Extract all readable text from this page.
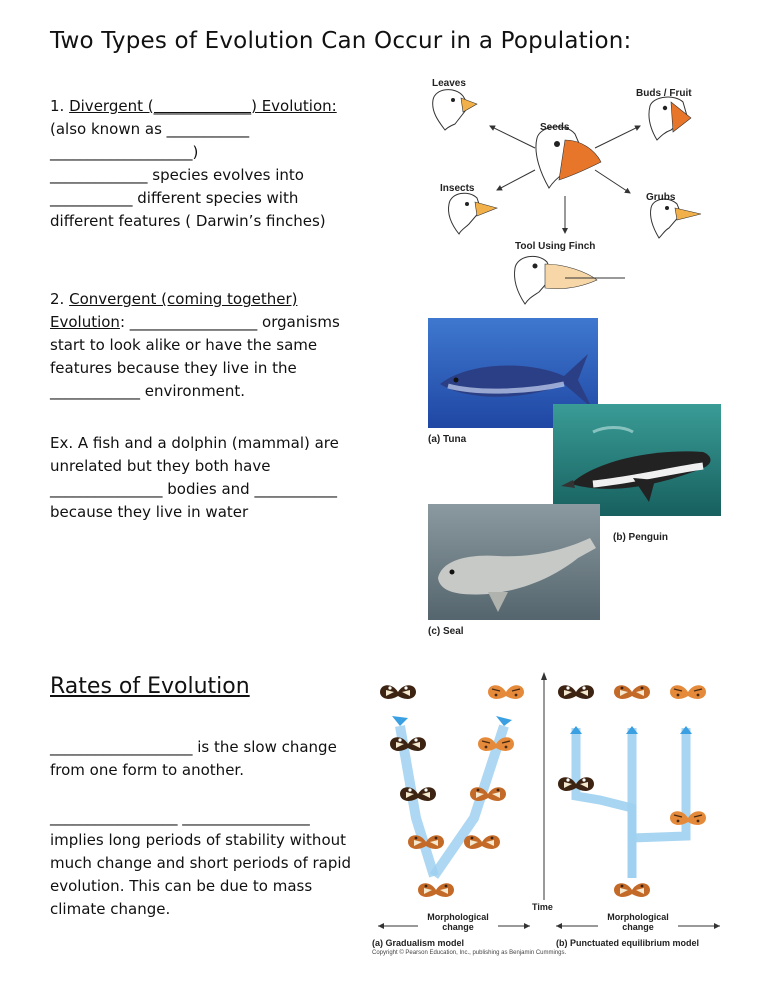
Two Types of Evolution Can Occur in a Population:
1. Divergent (_____________) Evolution:
(also known as ___________
___________________)
_____________ species evolves into
___________ different species with
different features ( Darwin’s finches)
2. Convergent (coming together)
Evolution: _________________ organisms
start to look alike or have the same
features because they live in the
____________ environment.
Ex. A fish and a dolphin (mammal) are
unrelated but they both have
_______________ bodies and ___________
because they live in water
Leaves
Buds / Fruit
Seeds
Insects
Grubs
Tool Using Finch
(a) Tuna
(b) Penguin
(c) Seal
Rates of Evolution
___________________ is the slow change
from one form to another.
_________________ _________________
implies long periods of stability without
much change and short periods of rapid
evolution. This can be due to mass
climate change.	Time
Morphological change
Morphological change
(a) Gradualism model	(b) Punctuated equilibrium model
Copyright © Pearson Education, Inc., publishing as Benjamin Cummings.
